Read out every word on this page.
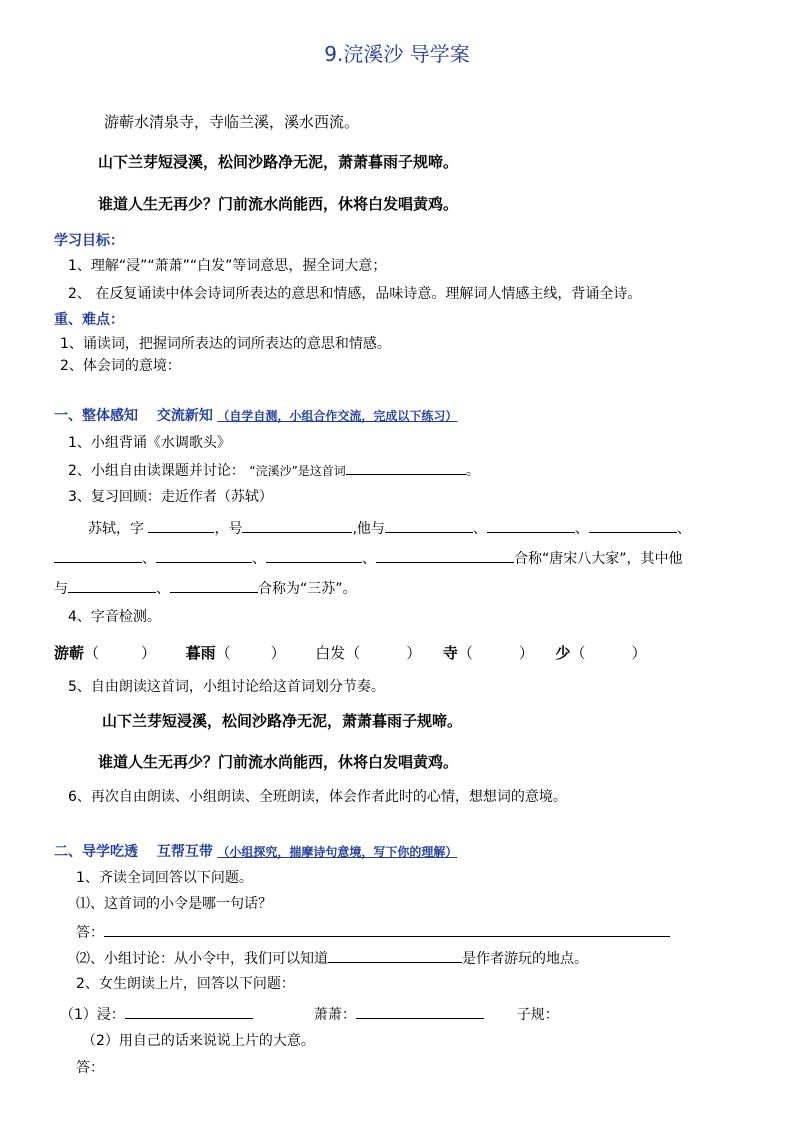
9.浣溪沙 导学案
游蕲水清泉寺，寺临兰溪，溪水西流。
山下兰芽短浸溪，松间沙路净无泥，萧萧暮雨子规啼。
谁道人生无再少？门前流水尚能西，休将白发唱黄鸡。
学习目标：
1、理解“浸”“萧萧”“白发”等词意思，握全词大意；
2、 在反复诵读中体会诗词所表达的意思和情感，品味诗意。理解词人情感主线，背诵全诗。
重、难点：
1、诵读词，把握词所表达的词所表达的意思和情感。
2、体会词的意境：
一、整体感知 交流新知 （自学自测，小组合作交流，完成以下练习）
1、小组背诵《水调歌头》
2、小组自由读课题并讨论： “浣溪沙”是这首词	。
3、复习回顾：走近作者（苏轼）
苏轼，字	，号	,他与	、	、	、
、	、	、	合称“唐宋八大家”，其中他
与	、	合称为“三苏”。
4、字音检测。
游蕲（	） 暮雨（	） 白发（	） 寺（	） 少（	）
5、自由朗读这首词，小组讨论给这首词划分节奏。
山下兰芽短浸溪，松间沙路净无泥，萧萧暮雨子规啼。
谁道人生无再少？门前流水尚能西，休将白发唱黄鸡。
6、再次自由朗读、小组朗读、全班朗读，体会作者此时的心情，想想词的意境。
二、导学吃透 互帮互带 （小组探究，揣摩诗句意境，写下你的理解）
1、齐读全词回答以下问题。
⑴、这首词的小令是哪一句话？
答：
⑵、小组讨论：从小令中，我们可以知道	是作者游玩的地点。
2、女生朗读上片，回答以下问题：
（1）浸：	萧萧：	子规：
（2）用自己的话来说说上片的大意。
答：
